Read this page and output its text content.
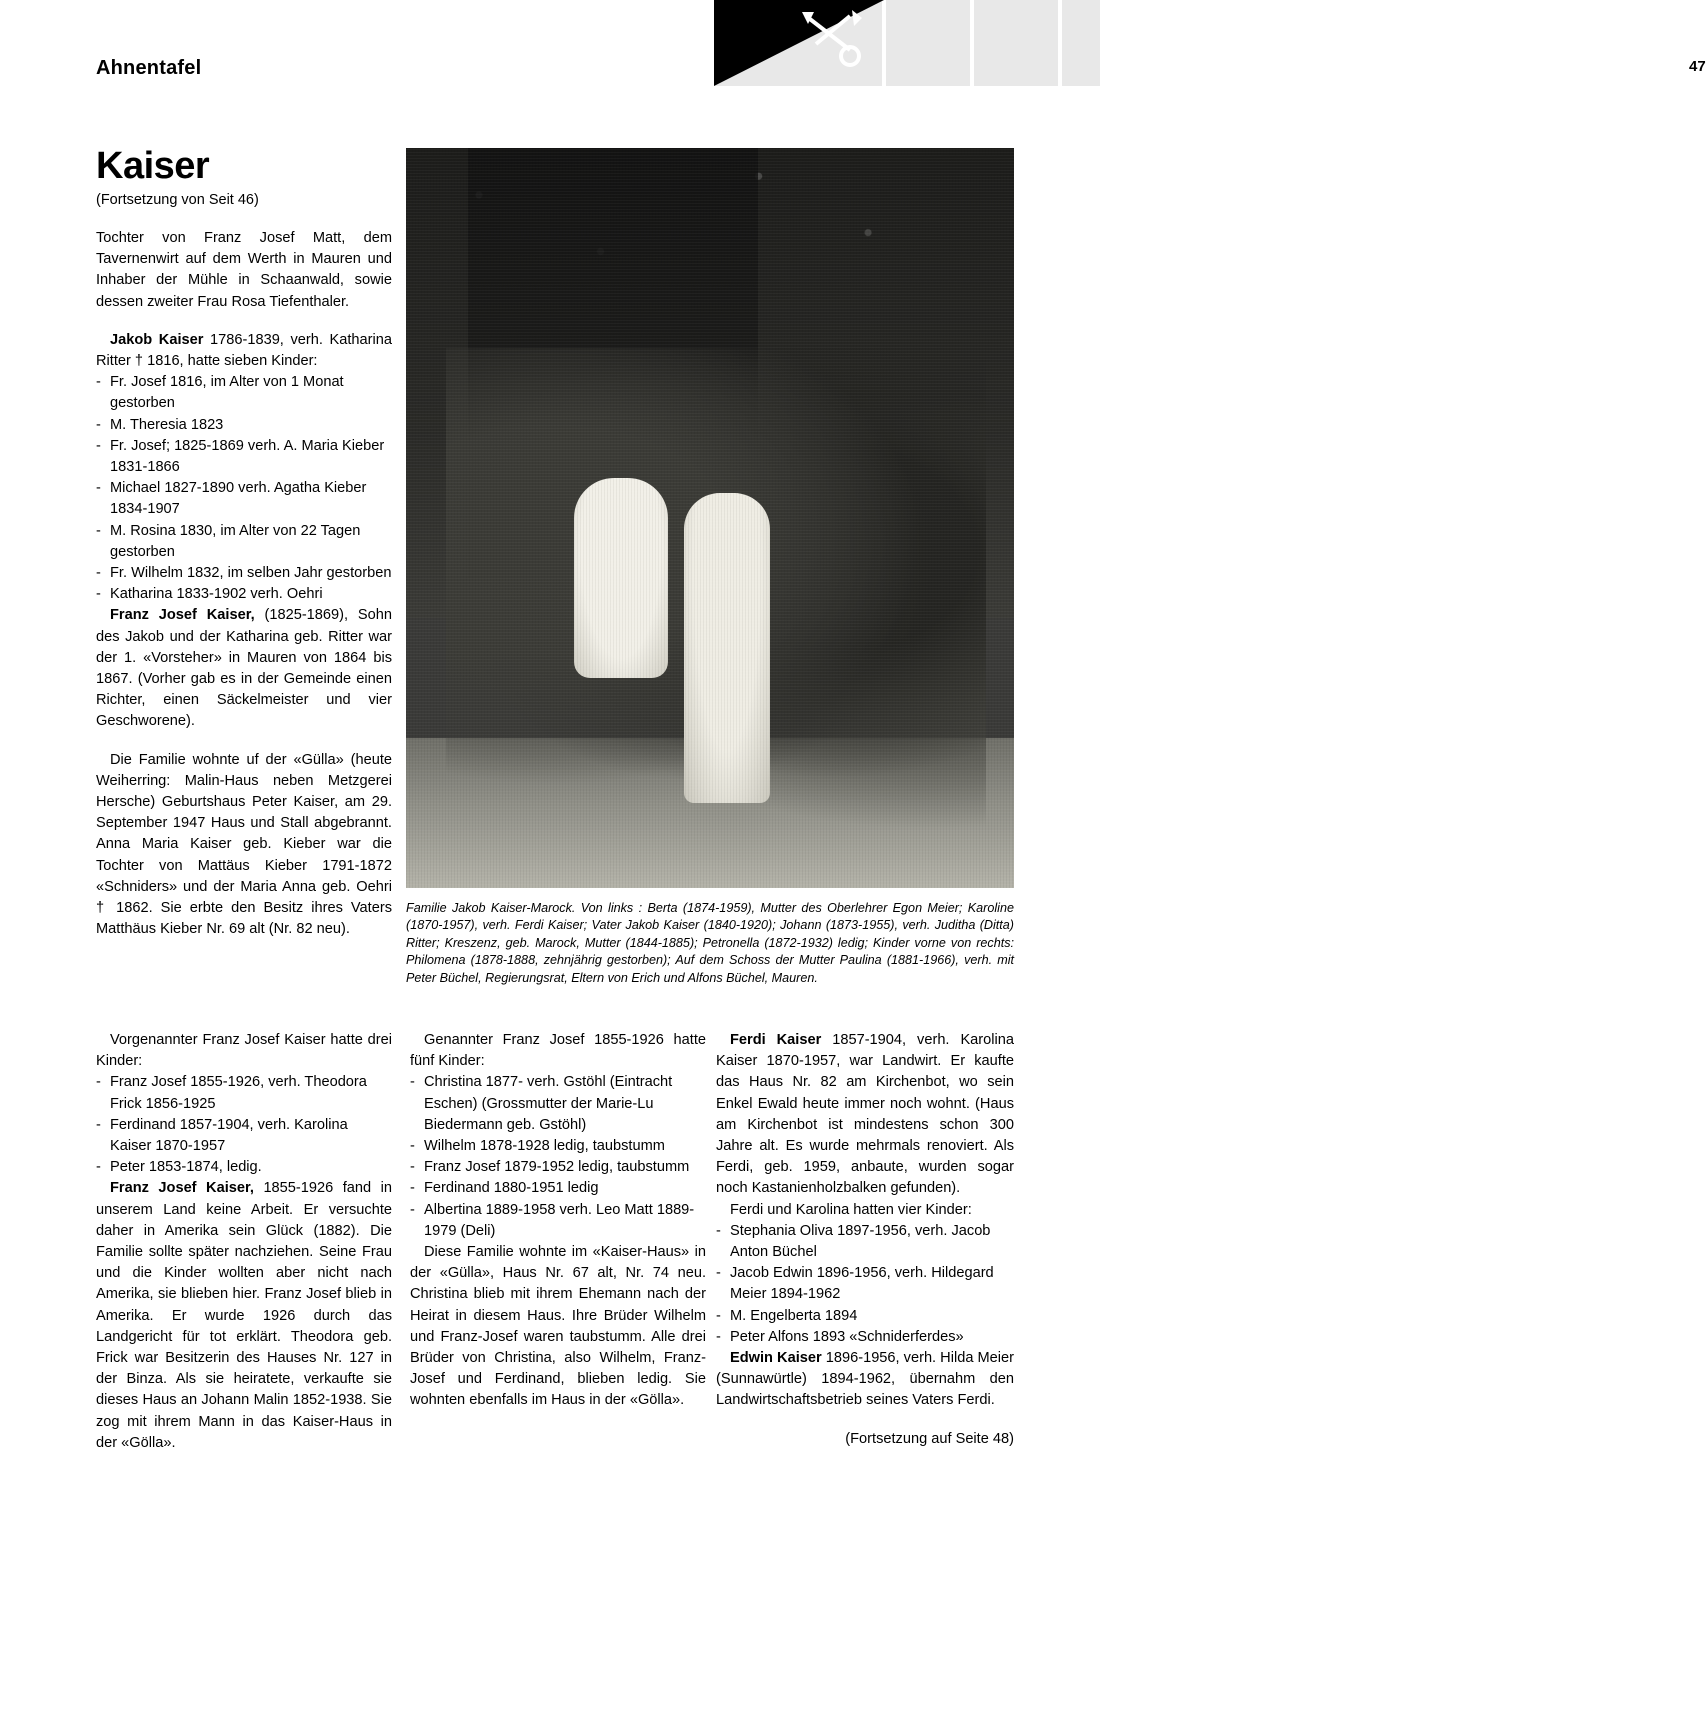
Ahnentafel	47
Kaiser
(Fortsetzung von Seit 46)

Tochter von Franz Josef Matt, dem Tavernenwirt auf dem Werth in Mauren und Inhaber der Mühle in Schaanwald, sowie dessen zweiter Frau Rosa Tiefenthaler.

Jakob Kaiser 1786-1839, verh. Katharina Ritter † 1816, hatte sieben Kinder:

- Fr. Josef 1816, im Alter von 1 Monat gestorben
- M. Theresia 1823
- Fr. Josef; 1825-1869 verh. A. Maria Kieber 1831-1866
- Michael 1827-1890 verh. Agatha Kieber 1834-1907
- M. Rosina 1830, im Alter von 22 Tagen gestorben
- Fr. Wilhelm 1832, im selben Jahr gestorben
- Katharina 1833-1902 verh. Oehri

Franz Josef Kaiser, (1825-1869), Sohn des Jakob und der Katharina geb. Ritter war der 1. «Vorsteher» in Mauren von 1864 bis 1867. (Vorher gab es in der Gemeinde einen Richter, einen Säckelmeister und vier Geschworene).

Die Familie wohnte uf der «Gülla» (heute Weiherring: Malin-Haus neben Metzgerei Hersche) Geburtshaus Peter Kaiser, am 29. September 1947 Haus und Stall abgebrannt. Anna Maria Kaiser geb. Kieber war die Tochter von Mattäus Kieber 1791-1872 «Schniders» und der Maria Anna geb. Oehri † 1862. Sie erbte den Besitz ihres Vaters Matthäus Kieber Nr. 69 alt (Nr. 82 neu).

Familie Jakob Kaiser-Marock. Von links : Berta (1874-1959), Mutter des Oberlehrer Egon Meier; Karoline (1870-1957), verh. Ferdi Kaiser; Vater Jakob Kaiser (1840-1920); Johann (1873-1955), verh. Juditha (Ditta) Ritter; Kreszenz, geb. Marock, Mutter (1844-1885); Petronella (1872-1932) ledig; Kinder vorne von rechts: Philomena (1878-1888, zehnjährig gestorben); Auf dem Schoss der Mutter Paulina (1881-1966), verh. mit Peter Büchel, Regierungsrat, Eltern von Erich und Alfons Büchel, Mauren.

Vorgenannter Franz Josef Kaiser hatte drei Kinder:

- Franz Josef 1855-1926, verh. Theodora Frick 1856-1925
- Ferdinand 1857-1904, verh. Karolina Kaiser 1870-1957
- Peter 1853-1874, ledig.

Franz Josef Kaiser, 1855-1926 fand in unserem Land keine Arbeit. Er versuchte daher in Amerika sein Glück (1882). Die Familie sollte später nachziehen. Seine Frau und die Kinder wollten aber nicht nach Amerika, sie blieben hier. Franz Josef blieb in Amerika. Er wurde 1926 durch das Landgericht für tot erklärt. Theodora geb. Frick war Besitzerin des Hauses Nr. 127 in der Binza. Als sie heiratete, verkaufte sie dieses Haus an Johann Malin 1852-1938. Sie zog mit ihrem Mann in das Kaiser-Haus in der «Gölla».

Genannter Franz Josef 1855-1926 hatte fünf Kinder:

- Christina 1877- verh. Gstöhl (Eintracht Eschen) (Grossmutter der Marie-Lu Biedermann geb. Gstöhl)
- Wilhelm 1878-1928 ledig, taubstumm
- Franz Josef 1879-1952 ledig, taubstumm
- Ferdinand 1880-1951 ledig
- Albertina 1889-1958 verh. Leo Matt 1889-1979 (Deli)

Diese Familie wohnte im «Kaiser-Haus» in der «Gülla», Haus Nr. 67 alt, Nr. 74 neu. Christina blieb mit ihrem Ehemann nach der Heirat in diesem Haus. Ihre Brüder Wilhelm und Franz-Josef waren taubstumm. Alle drei Brüder von Christina, also Wilhelm, Franz-Josef und Ferdinand, blieben ledig. Sie wohnten ebenfalls im Haus in der «Gölla».

Ferdi Kaiser 1857-1904, verh. Karolina Kaiser 1870-1957, war Landwirt. Er kaufte das Haus Nr. 82 am Kirchenbot, wo sein Enkel Ewald heute immer noch wohnt. (Haus am Kirchenbot ist mindestens schon 300 Jahre alt. Es wurde mehrmals renoviert. Als Ferdi, geb. 1959, anbaute, wurden sogar noch Kastanienholzbalken gefunden).

Ferdi und Karolina hatten vier Kinder:

- Stephania Oliva 1897-1956, verh. Jacob Anton Büchel
- Jacob Edwin 1896-1956, verh. Hildegard Meier 1894-1962
- M. Engelberta 1894
- Peter Alfons 1893 «Schniderferdes»

Edwin Kaiser 1896-1956, verh. Hilda Meier (Sunnawürtle) 1894-1962, übernahm den Landwirtschaftsbetrieb seines Vaters Ferdi.

(Fortsetzung auf Seite 48)
